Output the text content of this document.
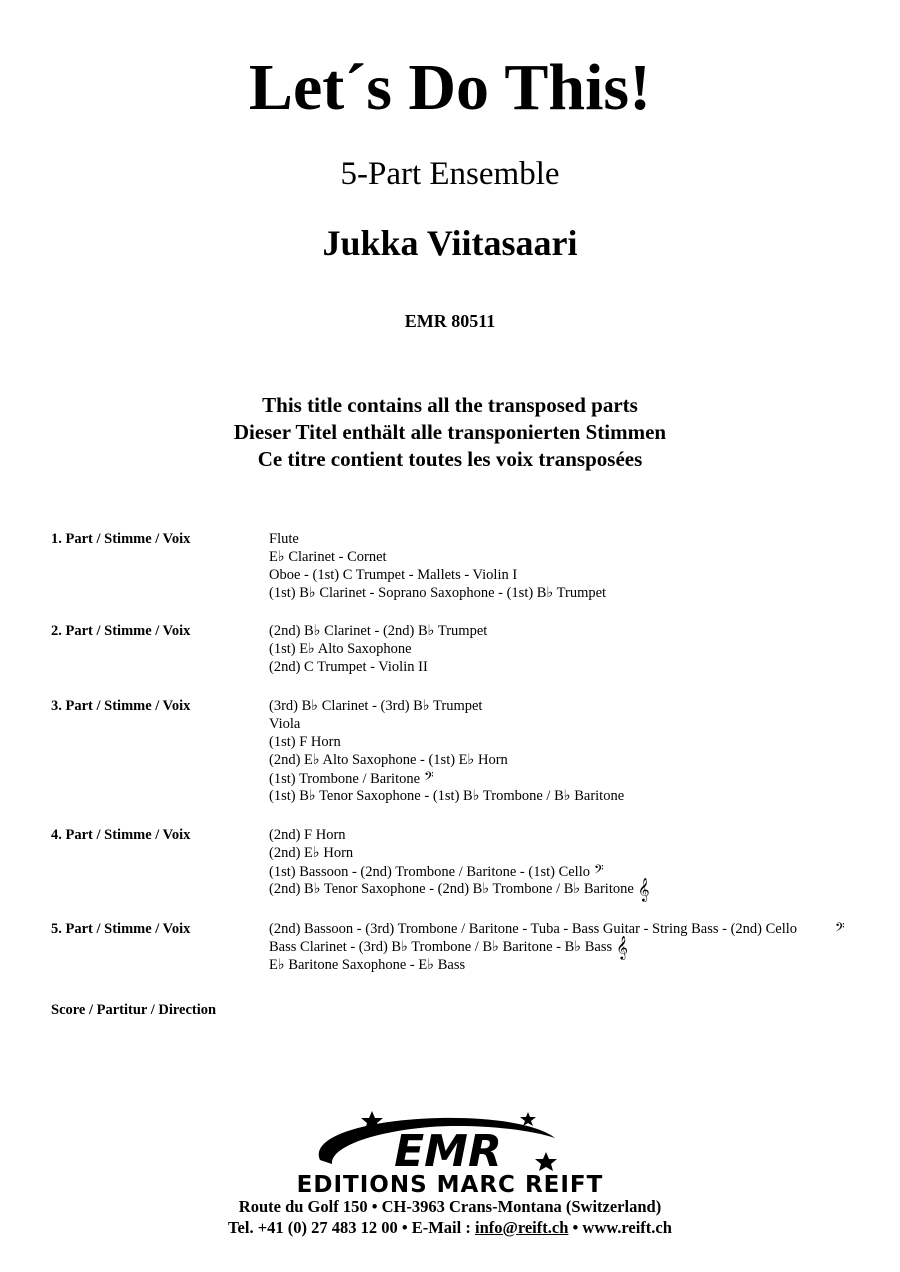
Let´s Do This!
5-Part Ensemble
Jukka Viitasaari
EMR 80511
This title contains all the transposed parts
Dieser Titel enthält alle transponierten Stimmen
Ce titre contient toutes les voix transposées
1. Part / Stimme / Voix	Flute
E♭ Clarinet - Cornet
Oboe - (1st) C Trumpet - Mallets - Violin I
(1st) B♭ Clarinet - Soprano Saxophone - (1st) B♭ Trumpet
2. Part / Stimme / Voix	(2nd) B♭ Clarinet - (2nd) B♭ Trumpet
(1st) E♭ Alto Saxophone
(2nd) C Trumpet - Violin II
3. Part / Stimme / Voix	(3rd) B♭ Clarinet - (3rd) B♭ Trumpet
Viola
(1st) F Horn
(2nd) E♭ Alto Saxophone - (1st) E♭ Horn
(1st) Trombone / Baritone 𝄢
(1st) B♭ Tenor Saxophone - (1st) B♭ Trombone / B♭ Baritone
4. Part / Stimme / Voix	(2nd) F Horn
(2nd) E♭ Horn
(1st) Bassoon - (2nd) Trombone / Baritone - (1st) Cello 𝄢
(2nd) B♭ Tenor Saxophone - (2nd) B♭ Trombone / B♭ Baritone 𝄞
5. Part / Stimme / Voix	(2nd) Bassoon - (3rd) Trombone / Baritone - Tuba - Bass Guitar - String Bass - (2nd) Cello	𝄢
Bass Clarinet - (3rd) B♭ Trombone / B♭ Baritone - B♭ Bass 𝄞
E♭ Baritone Saxophone - E♭ Bass
Score / Partitur / Direction
EMR
EDITIONS MARC REIFT
Route du Golf 150 • CH-3963 Crans-Montana (Switzerland)
Tel. +41 (0) 27 483 12 00 • E-Mail : info@reift.ch • www.reift.ch
